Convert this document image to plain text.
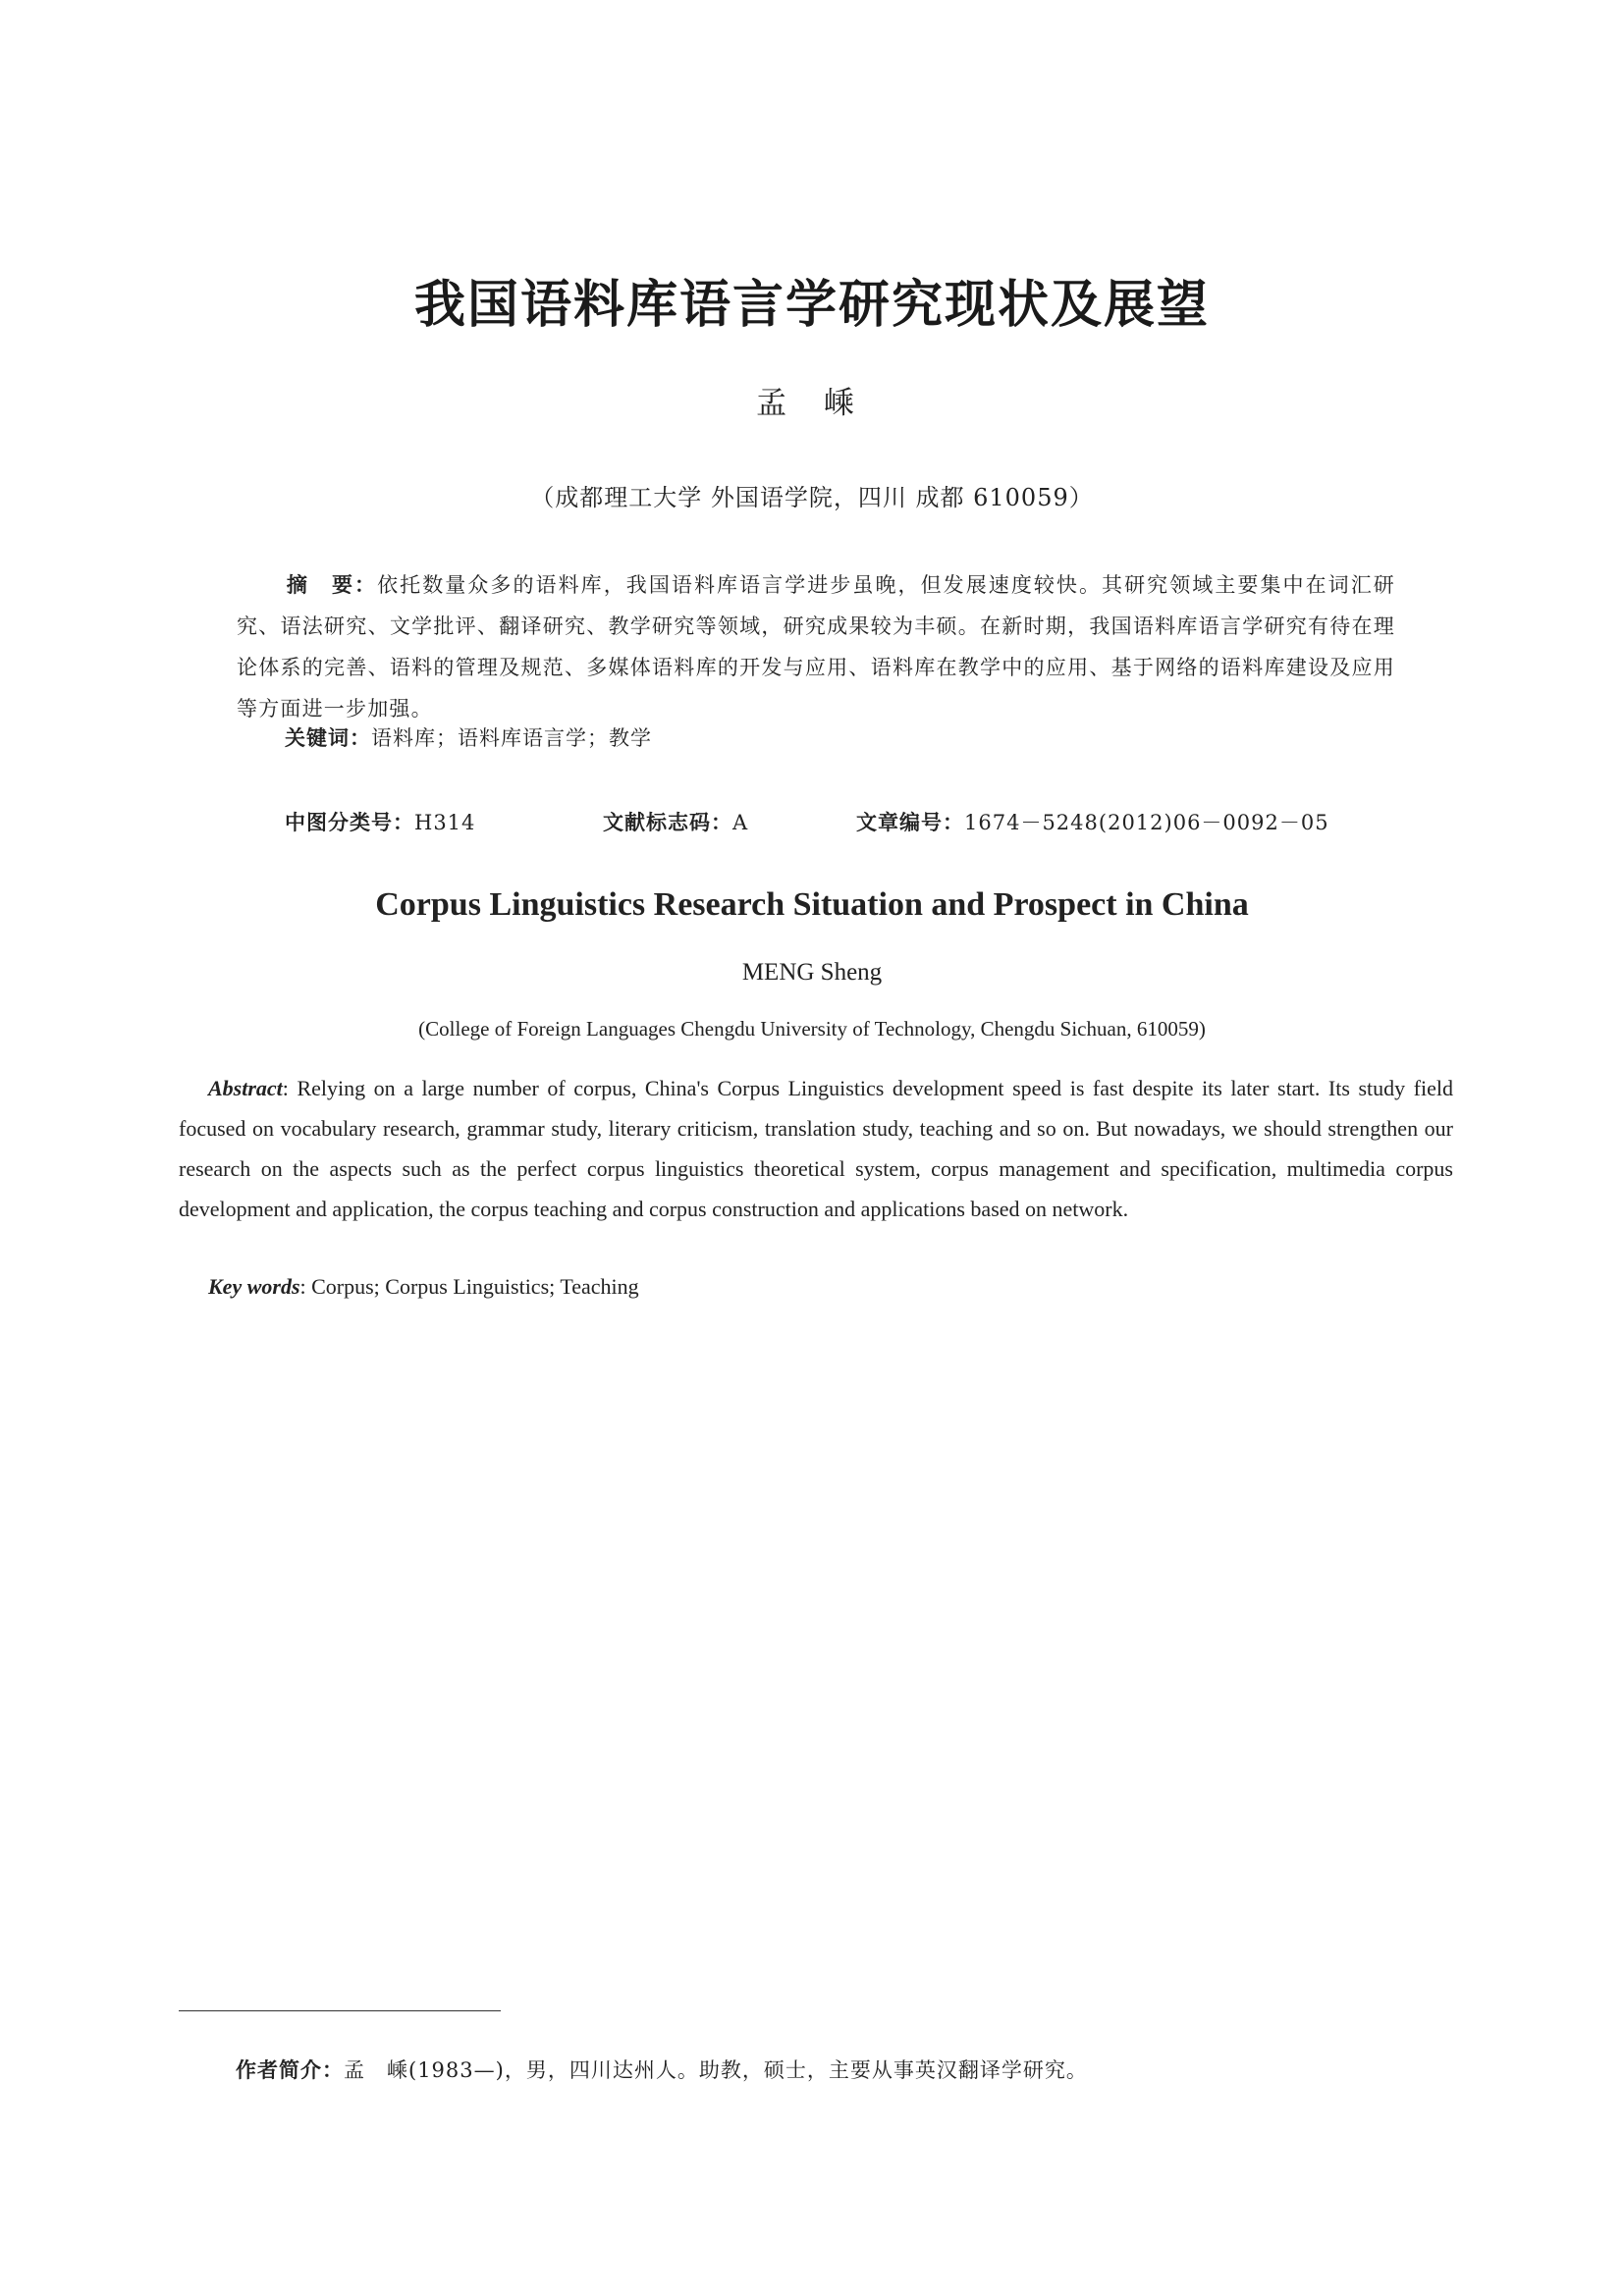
我国语料库语言学研究现状及展望
孟 嵊
（成都理工大学 外国语学院，四川 成都 610059）
摘　要：依托数量众多的语料库，我国语料库语言学进步虽晚，但发展速度较快。其研究领域主要集中在词汇研究、语法研究、文学批评、翻译研究、教学研究等领域，研究成果较为丰硕。在新时期，我国语料库语言学研究有待在理论体系的完善、语料的管理及规范、多媒体语料库的开发与应用、语料库在教学中的应用、基于网络的语料库建设及应用等方面进一步加强。
关键词：语料库；语料库语言学；教学
中图分类号：H314	文献标志码：A	文章编号：1674－5248(2012)06－0092－05
Corpus Linguistics Research Situation and Prospect in China
MENG Sheng
(College of Foreign Languages Chengdu University of Technology, Chengdu Sichuan, 610059)
Abstract: Relying on a large number of corpus, China's Corpus Linguistics development speed is fast despite its later start. Its study field focused on vocabulary research, grammar study, literary criticism, translation study, teaching and so on. But nowadays, we should strengthen our research on the aspects such as the perfect corpus linguistics theoretical system, corpus management and specification, multimedia corpus development and application, the corpus teaching and corpus construction and applications based on network.
Key words: Corpus; Corpus Linguistics; Teaching
作者简介：孟　嵊(1983—)，男，四川达州人。助教，硕士，主要从事英汉翻译学研究。
